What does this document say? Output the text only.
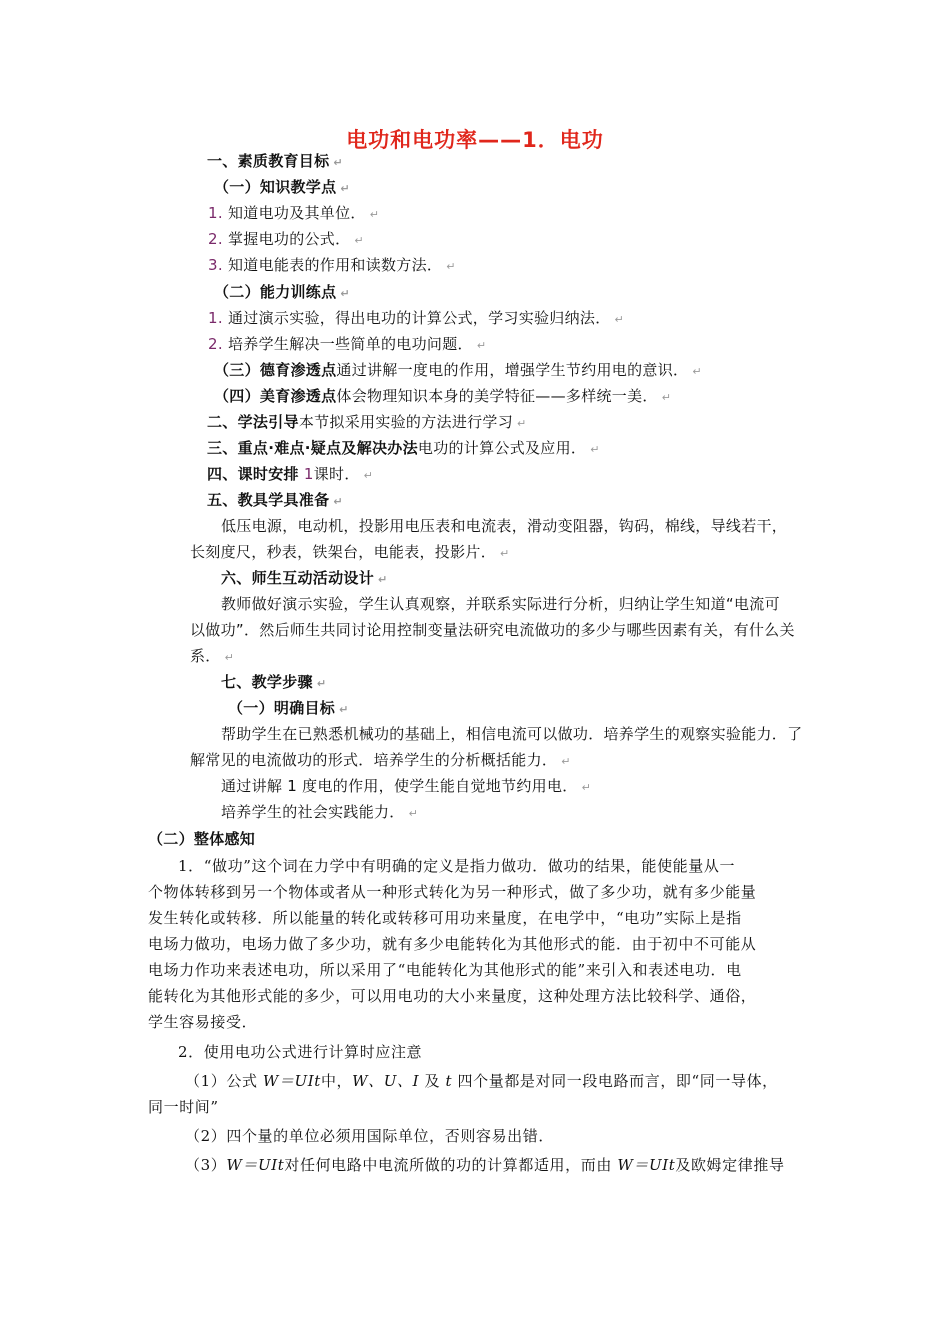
电功和电功率——1．电功
一、素质教育目标 ↵
（一）知识教学点 ↵
1. 知道电功及其单位． ↵
2. 掌握电功的公式． ↵
3. 知道电能表的作用和读数方法． ↵
（二）能力训练点 ↵
1. 通过演示实验，得出电功的计算公式，学习实验归纳法． ↵
2. 培养学生解决一些简单的电功问题． ↵
（三）德育渗透点通过讲解一度电的作用，增强学生节约用电的意识． ↵
（四）美育渗透点体会物理知识本身的美学特征——多样统一美． ↵
二、学法引导本节拟采用实验的方法进行学习 ↵
三、重点·难点·疑点及解决办法电功的计算公式及应用． ↵
四、课时安排 1课时． ↵
五、教具学具准备 ↵
低压电源，电动机，投影用电压表和电流表，滑动变阻器，钩码，棉线，导线若干，
长刻度尺，秒表，铁架台，电能表，投影片． ↵
六、师生互动活动设计 ↵
教师做好演示实验，学生认真观察，并联系实际进行分析，归纳让学生知道“电流可
以做功”．然后师生共同讨论用控制变量法研究电流做功的多少与哪些因素有关，有什么关
系． ↵
七、教学步骤 ↵
（一）明确目标 ↵
帮助学生在已熟悉机械功的基础上，相信电流可以做功．培养学生的观察实验能力．了
解常见的电流做功的形式．培养学生的分析概括能力． ↵
通过讲解 1 度电的作用，使学生能自觉地节约用电． ↵
培养学生的社会实践能力． ↵
（二）整体感知
1．“做功”这个词在力学中有明确的定义是指力做功．做功的结果，能使能量从一
个物体转移到另一个物体或者从一种形式转化为另一种形式，做了多少功，就有多少能量
发生转化或转移．所以能量的转化或转移可用功来量度，在电学中，“电功”实际上是指
电场力做功，电场力做了多少功，就有多少电能转化为其他形式的能．由于初中不可能从
电场力作功来表述电功，所以采用了“电能转化为其他形式的能”来引入和表述电功．电
能转化为其他形式能的多少，可以用电功的大小来量度，这种处理方法比较科学、通俗，
学生容易接受．
2．使用电功公式进行计算时应注意
（1）公式 W＝UIt中，W、U、I 及 t 四个量都是对同一段电路而言，即“同一导体，
同一时间”
（2）四个量的单位必须用国际单位，否则容易出错．
（3）W＝UIt对任何电路中电流所做的功的计算都适用，而由 W＝UIt及欧姆定律推导
